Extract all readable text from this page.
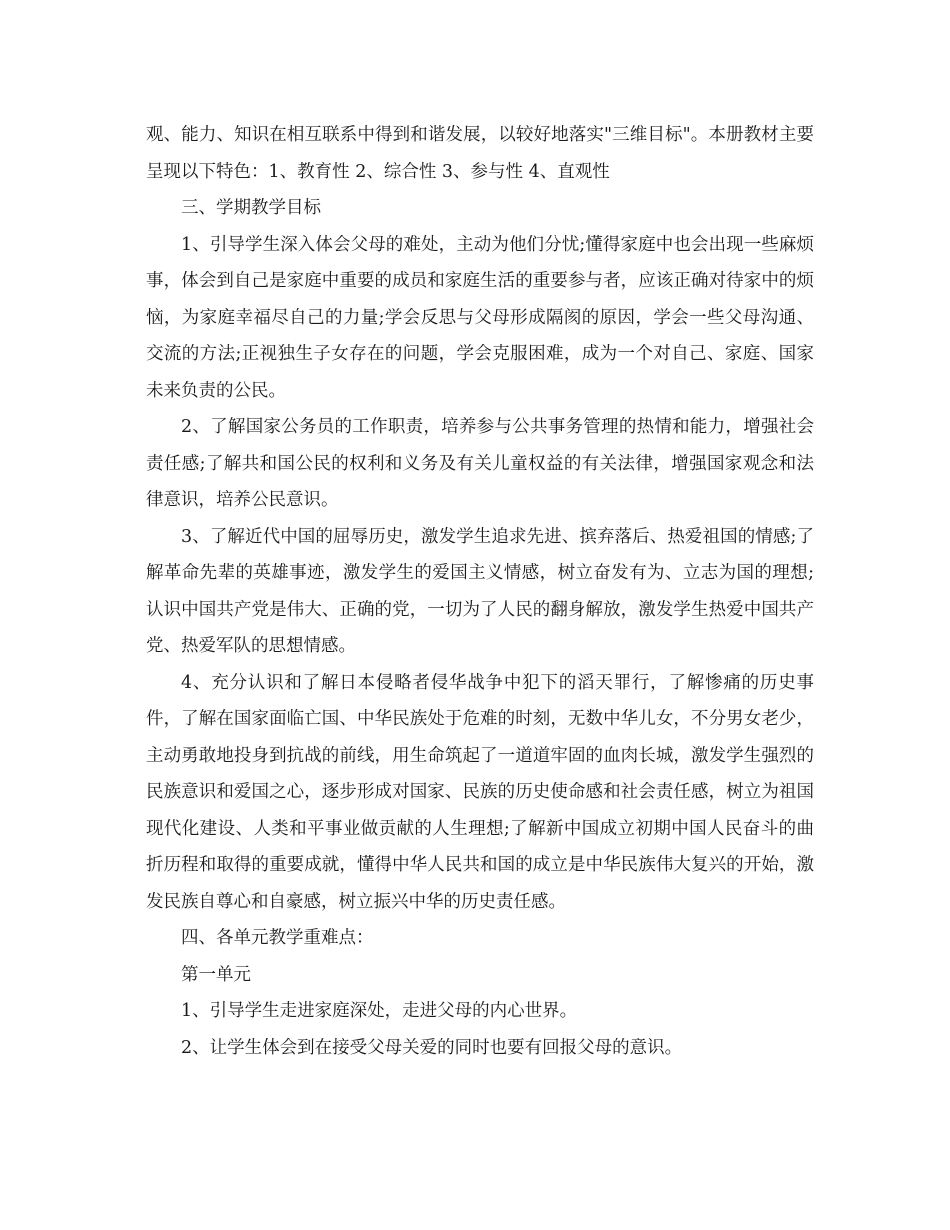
观、能力、知识在相互联系中得到和谐发展，以较好地落实"三维目标"。本册教材主要呈现以下特色：1、教育性 2、综合性 3、参与性 4、直观性

三、学期教学目标

1、引导学生深入体会父母的难处，主动为他们分忧;懂得家庭中也会出现一些麻烦事，体会到自己是家庭中重要的成员和家庭生活的重要参与者，应该正确对待家中的烦恼，为家庭幸福尽自己的力量;学会反思与父母形成隔阂的原因，学会一些父母沟通、交流的方法;正视独生子女存在的问题，学会克服困难，成为一个对自己、家庭、国家未来负责的公民。

2、了解国家公务员的工作职责，培养参与公共事务管理的热情和能力，增强社会责任感;了解共和国公民的权利和义务及有关儿童权益的有关法律，增强国家观念和法律意识，培养公民意识。

3、了解近代中国的屈辱历史，激发学生追求先进、摈弃落后、热爱祖国的情感;了解革命先辈的英雄事迹，激发学生的爱国主义情感，树立奋发有为、立志为国的理想;认识中国共产党是伟大、正确的党，一切为了人民的翻身解放，激发学生热爱中国共产党、热爱军队的思想情感。

4、充分认识和了解日本侵略者侵华战争中犯下的滔天罪行，了解惨痛的历史事件，了解在国家面临亡国、中华民族处于危难的时刻，无数中华儿女，不分男女老少，主动勇敢地投身到抗战的前线，用生命筑起了一道道牢固的血肉长城，激发学生强烈的民族意识和爱国之心，逐步形成对国家、民族的历史使命感和社会责任感，树立为祖国现代化建设、人类和平事业做贡献的人生理想;了解新中国成立初期中国人民奋斗的曲折历程和取得的重要成就，懂得中华人民共和国的成立是中华民族伟大复兴的开始，激发民族自尊心和自豪感，树立振兴中华的历史责任感。

四、各单元教学重难点：

第一单元

1、引导学生走进家庭深处，走进父母的内心世界。

2、让学生体会到在接受父母关爱的同时也要有回报父母的意识。
